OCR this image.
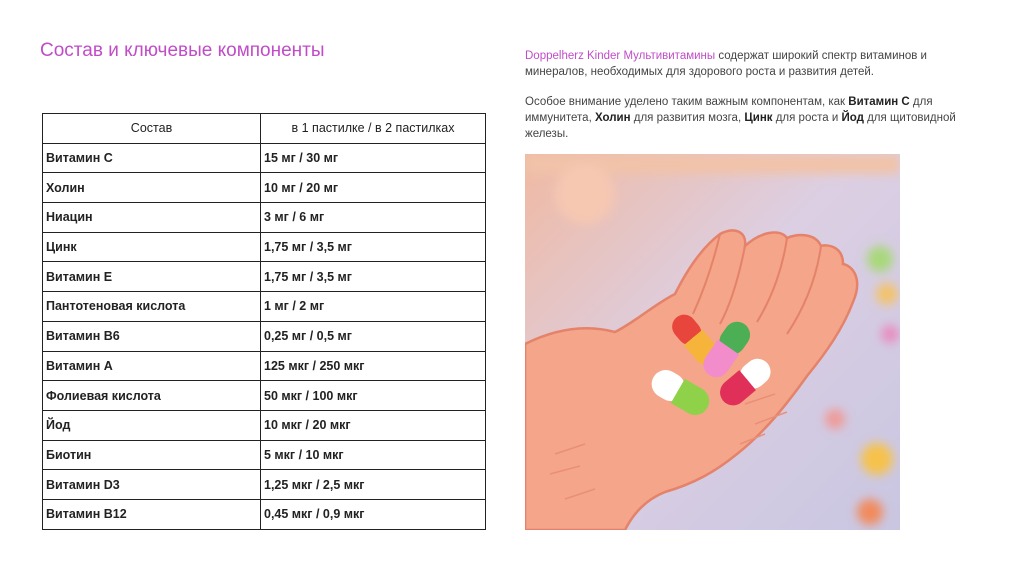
Состав и ключевые компоненты
Состав	в 1 пастилке / в 2 пастилках
Витамин С	15 мг / 30 мг
Холин	10 мг / 20 мг
Ниацин	3 мг / 6 мг
Цинк	1,75 мг / 3,5 мг
Витамин Е	1,75 мг / 3,5 мг
Пантотеновая кислота	1 мг / 2 мг
Витамин В6	0,25 мг / 0,5 мг
Витамин А	125 мкг / 250 мкг
Фолиевая кислота	50 мкг / 100 мкг
Йод	10 мкг / 20 мкг
Биотин	5 мкг / 10 мкг
Витамин D3	1,25 мкг / 2,5 мкг
Витамин В12	0,45 мкг / 0,9 мкг

Doppelherz Kinder Мультивитамины содержат широкий спектр витаминов и минералов, необходимых для здорового роста и развития детей.

Особое внимание уделено таким важным компонентам, как Витамин С для иммунитета, Холин для развития мозга, Цинк для роста и Йод для щитовидной железы.
